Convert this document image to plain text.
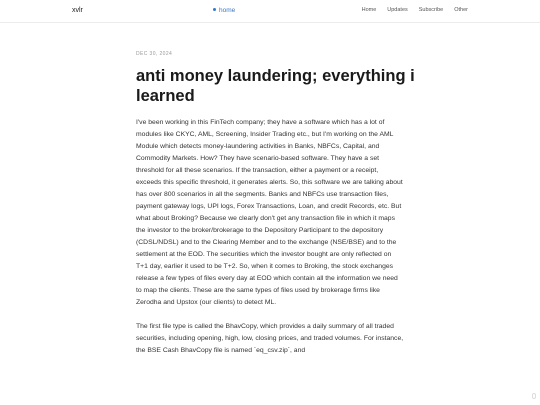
xvlr	home	Home Updates Subscribe Other
DEC 30, 2024
anti money laundering; everything i learned

I've been working in this FinTech company; they have a software which has a lot of modules like CKYC, AML, Screening, Insider Trading etc., but I'm working on the AML Module which detects money-laundering activities in Banks, NBFCs, Capital, and Commodity Markets. How? They have scenario-based software. They have a set threshold for all these scenarios. If the transaction, either a payment or a receipt, exceeds this specific threshold, it generates alerts. So, this software we are talking about has over 800 scenarios in all the segments. Banks and NBFCs use transaction files, payment gateway logs, UPI logs, Forex Transactions, Loan, and credit Records, etc. But what about Broking? Because we clearly don't get any transaction file in which it maps the investor to the broker/brokerage to the Depository Participant to the depository (CDSL/NDSL) and to the Clearing Member and to the exchange (NSE/BSE) and to the settlement at the EOD. The securities which the investor bought are only reflected on T+1 day, earlier it used to be T+2. So, when it comes to Broking, the stock exchanges release a few types of files every day at EOD which contain all the information we need to map the clients. These are the same types of files used by brokerage firms like Zerodha and Upstox (our clients) to detect ML.

The first file type is called the BhavCopy, which provides a daily summary of all traded securities, including opening, high, low, closing prices, and traded volumes. For instance, the BSE Cash BhavCopy file is named `eq_csv.zip`, and
